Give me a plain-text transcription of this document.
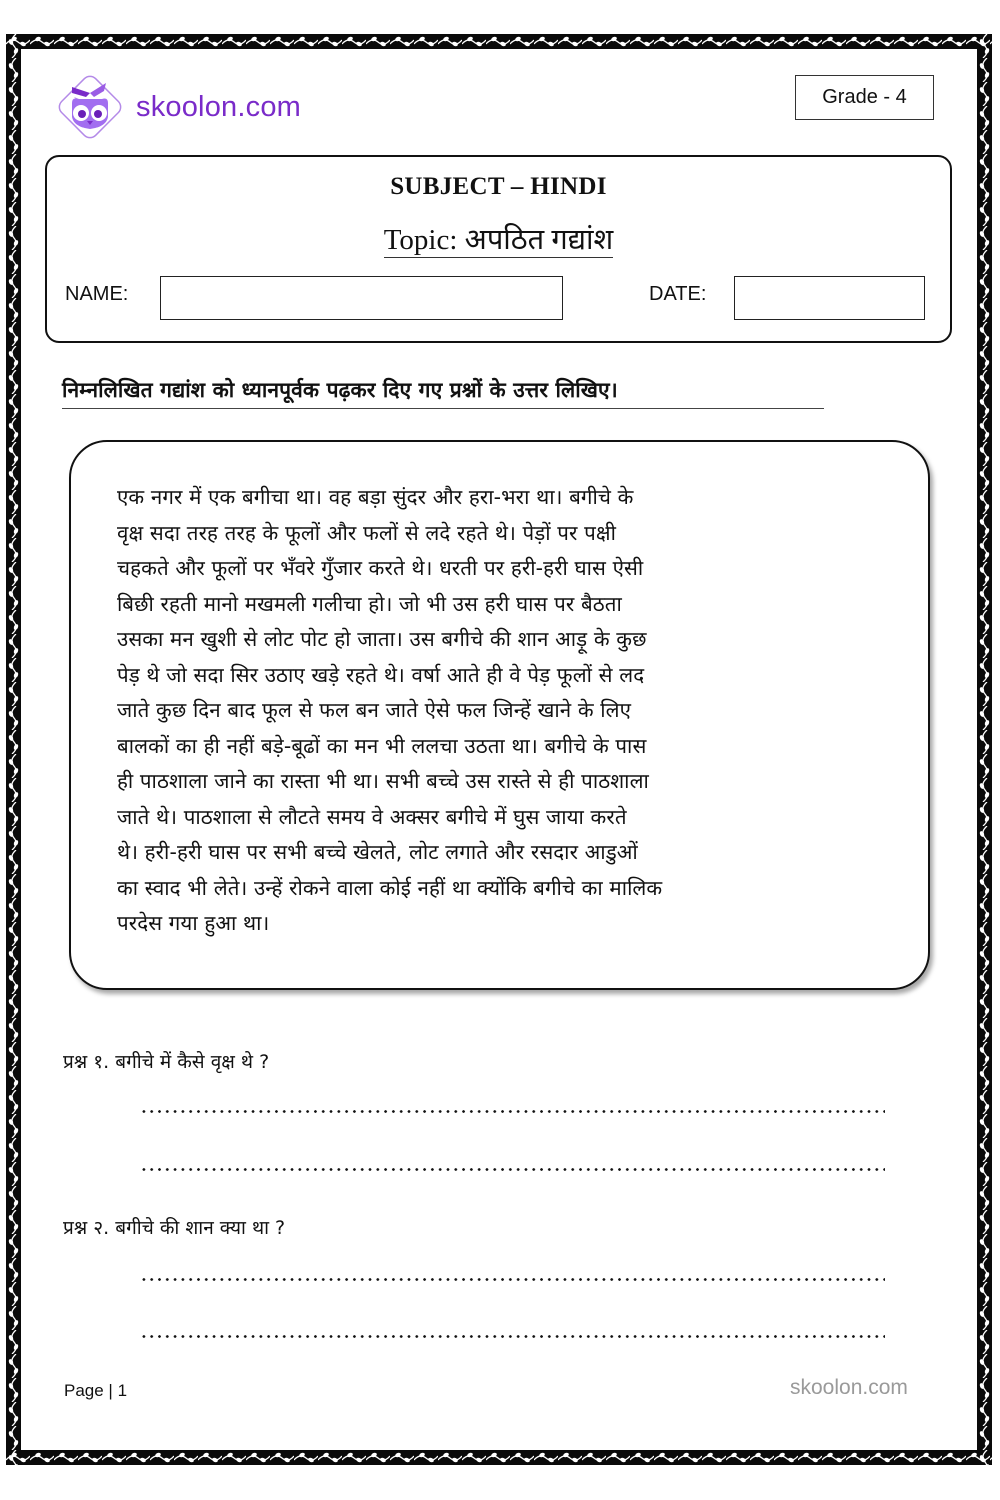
skoolon.com	Grade - 4
SUBJECT – HINDI
Topic: अपठित गद्यांश
NAME:	DATE:
निम्नलिखित गद्यांश को ध्यानपूर्वक पढ़कर दिए गए प्रश्नों के उत्तर लिखिए।
एक नगर में एक बगीचा था। वह बड़ा सुंदर और हरा-भरा था। बगीचे के
वृक्ष सदा तरह तरह के फूलों और फलों से लदे रहते थे। पेड़ों पर पक्षी
चहकते और फूलों पर भँवरे गुँजार करते थे। धरती पर हरी-हरी घास ऐसी
बिछी रहती मानो मखमली गलीचा हो। जो भी उस हरी घास पर बैठता
उसका मन खुशी से लोट पोट हो जाता। उस बगीचे की शान आड़ू के कुछ
पेड़ थे जो सदा सिर उठाए खड़े रहते थे। वर्षा आते ही वे पेड़ फूलों से लद
जाते कुछ दिन बाद फूल से फल बन जाते ऐसे फल जिन्हें खाने के लिए
बालकों का ही नहीं बड़े-बूढों का मन भी ललचा उठता था। बगीचे के पास
ही पाठशाला जाने का रास्ता भी था। सभी बच्चे उस रास्ते से ही पाठशाला
जाते थे। पाठशाला से लौटते समय वे अक्सर बगीचे में घुस जाया करते
थे। हरी-हरी घास पर सभी बच्चे खेलते, लोट लगाते और रसदार आडुओं
का स्वाद भी लेते। उन्हें रोकने वाला कोई नहीं था क्योंकि बगीचे का मालिक
परदेस गया हुआ था।
प्रश्न १. बगीचे में कैसे वृक्ष थे ?
प्रश्न २. बगीचे की शान क्या था ?
Page | 1	skoolon.com
